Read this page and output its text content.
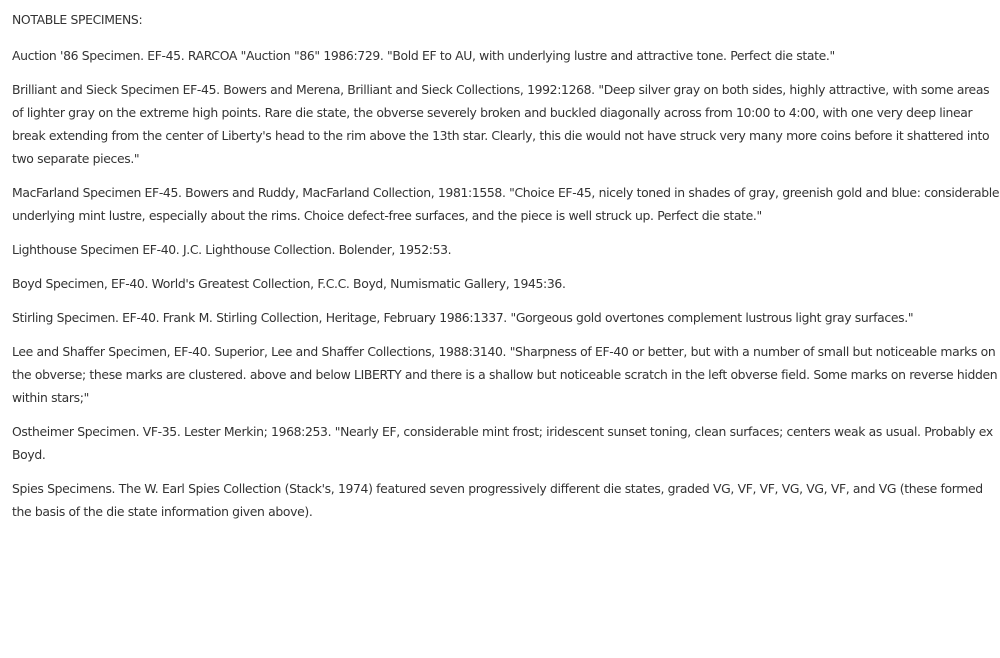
NOTABLE SPECIMENS:
Auction '86 Specimen. EF-45. RARCOA "Auction "86" 1986:729. "Bold EF to AU, with underlying lustre and attractive tone. Perfect die state."
Brilliant and Sieck Specimen EF-45. Bowers and Merena, Brilliant and Sieck Collections, 1992:1268. "Deep silver gray on both sides, highly attractive, with some areas of lighter gray on the extreme high points. Rare die state, the obverse severely broken and buckled diagonally across from 10:00 to 4:00, with one very deep linear break extending from the center of Liberty's head to the rim above the 13th star. Clearly, this die would not have struck very many more coins before it shattered into two separate pieces."
MacFarland Specimen EF-45. Bowers and Ruddy, MacFarland Collection, 1981:1558. "Choice EF-45, nicely toned in shades of gray, greenish gold and blue: considerable underlying mint lustre, especially about the rims. Choice defect-free surfaces, and the piece is well struck up. Perfect die state."
Lighthouse Specimen EF-40. J.C. Lighthouse Collection. Bolender, 1952:53.
Boyd Specimen, EF-40. World's Greatest Collection, F.C.C. Boyd, Numismatic Gallery, 1945:36.
Stirling Specimen. EF-40. Frank M. Stirling Collection, Heritage, February 1986:1337. "Gorgeous gold overtones complement lustrous light gray surfaces."
Lee and Shaffer Specimen, EF-40. Superior, Lee and Shaffer Collections, 1988:3140. "Sharpness of EF-40 or better, but with a number of small but noticeable marks on the obverse; these marks are clustered. above and below LIBERTY and there is a shallow but noticeable scratch in the left obverse field. Some marks on reverse hidden within stars;"
Ostheimer Specimen. VF-35. Lester Merkin; 1968:253. "Nearly EF, considerable mint frost; iridescent sunset toning, clean surfaces; centers weak as usual. Probably ex Boyd.
Spies Specimens. The W. Earl Spies Collection (Stack's, 1974) featured seven progressively different die states, graded VG, VF, VF, VG, VG, VF, and VG (these formed the basis of the die state information given above).
